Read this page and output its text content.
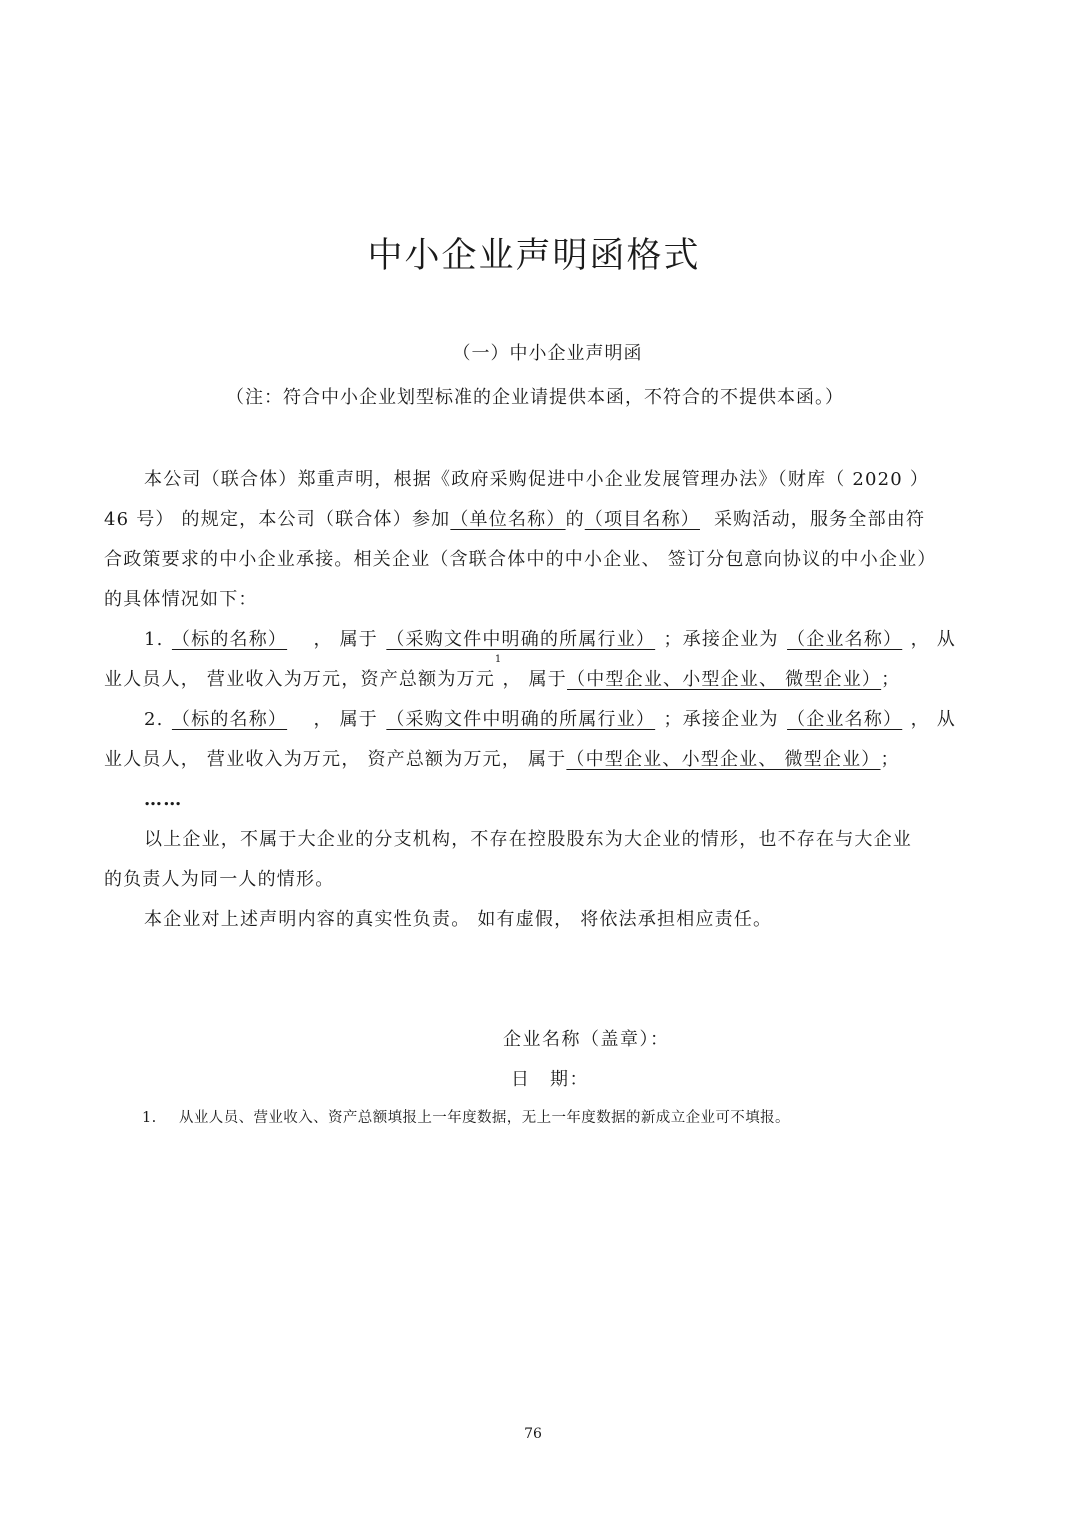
中小企业声明函格式
（一）中小企业声明函
（注：符合中小企业划型标准的企业请提供本函，不符合的不提供本函。）
本公司（联合体）郑重声明，根据《政府采购促进中小企业发展管理办法》（财库（ 2020 ）
46 号） 的规定，本公司（联合体）参加 （单位名称） 的 （项目名称） 采购活动，服务全部由符
合政策要求的中小企业承接。相关企业（含联合体中的中小企业、 签订分包意向协议的中小企业）
的具体情况如下：
1. （标的名称）	， 属于 （采购文件中明确的所属行业） ；承接企业为 （企业名称） ， 从
业人员人， 营业收入为万元，资产总额为万元
1
， 属于 （中型企业、小型企业、 微型企业） ；
2. （标的名称）	， 属于 （采购文件中明确的所属行业） ；承接企业为 （企业名称） ， 从
业人员人， 营业收入为万元， 资产总额为万元， 属于 （中型企业、小型企业、 微型企业） ；
……
以上企业，不属于大企业的分支机构，不存在控股股东为大企业的情形，也不存在与大企业
的负责人为同一人的情形。
本企业对上述声明内容的真实性负责。 如有虚假， 将依法承担相应责任。
企业名称（盖章）：
日　期：
1. 从业人员、营业收入、资产总额填报上一年度数据，无上一年度数据的新成立企业可不填报。
76
